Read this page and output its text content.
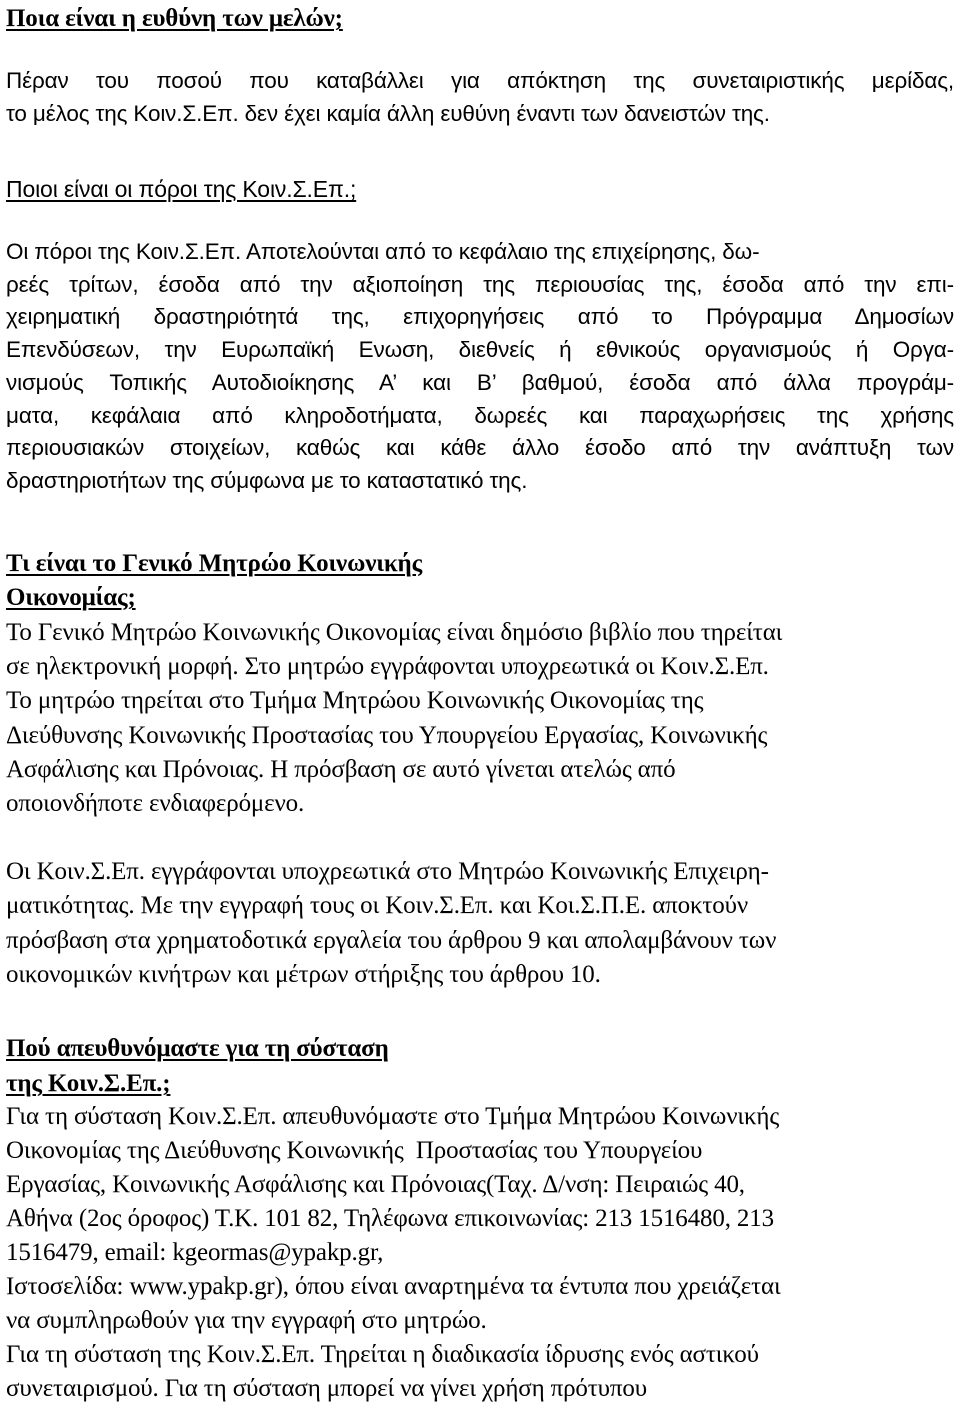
Ποια είναι η ευθύνη των μελών;
Πέραν του ποσού που καταβάλλει για απόκτηση της συνεταιριστικής μερίδας,
το μέλος της Κοιν.Σ.Επ. δεν έχει καμία άλλη ευθύνη έναντι των δανειστών της.
Ποιοι είναι οι πόροι της Κοιν.Σ.Επ.;
Οι πόροι της Κοιν.Σ.Επ. Αποτελούνται από το κεφάλαιο της επιχείρησης, δω-
ρεές τρίτων, έσοδα από την αξιοποίηση της περιουσίας της, έσοδα από την επι-
χειρηματική δραστηριότητά της, επιχορηγήσεις από το Πρόγραμμα Δημοσίων
Επενδύσεων, την Ευρωπαϊκή Ενωση, διεθνείς ή εθνικούς οργανισμούς ή Οργα-
νισμούς Τοπικής Αυτοδιοίκησης Α’ και Β’ βαθμού, έσοδα από άλλα προγράμ-
ματα, κεφάλαια από κληροδοτήματα, δωρεές και παραχωρήσεις της χρήσης
περιουσιακών στοιχείων, καθώς και κάθε άλλο έσοδο από την ανάπτυξη των
δραστηριοτήτων της σύμφωνα με το καταστατικό της.
Τι είναι το Γενικό Μητρώο Κοινωνικής
Οικονομίας;
Το Γενικό Μητρώο Κοινωνικής Οικονομίας είναι δημόσιο βιβλίο που τηρείται
σε ηλεκτρονική μορφή. Στο μητρώο εγγράφονται υποχρεωτικά οι Κοιν.Σ.Επ.
Το μητρώο τηρείται στο Τμήμα Μητρώου Κοινωνικής Οικονομίας της
Διεύθυνσης Κοινωνικής Προστασίας του Υπουργείου Εργασίας, Κοινωνικής
Ασφάλισης και Πρόνοιας. Η πρόσβαση σε αυτό γίνεται ατελώς από
οποιονδήποτε ενδιαφερόμενο.
Οι Κοιν.Σ.Επ. εγγράφονται υποχρεωτικά στο Μητρώο Κοινωνικής Επιχειρη-
ματικότητας. Με την εγγραφή τους οι Κοιν.Σ.Επ. και Κοι.Σ.Π.Ε. αποκτούν
πρόσβαση στα χρηματοδοτικά εργαλεία του άρθρου 9 και απολαμβάνουν των
οικονομικών κινήτρων και μέτρων στήριξης του άρθρου 10.
Πού απευθυνόμαστε για τη σύσταση
της Κοιν.Σ.Επ.;
Για τη σύσταση Κοιν.Σ.Επ. απευθυνόμαστε στο Τμήμα Μητρώου Κοινωνικής
Οικονομίας της Διεύθυνσης Κοινωνικής  Προστασίας του Υπουργείου
Εργασίας, Κοινωνικής Ασφάλισης και Πρόνοιας(Ταχ. Δ/νση: Πειραιώς 40,
Αθήνα (2ος όροφος) Τ.Κ. 101 82, Τηλέφωνα επικοινωνίας: 213 1516480, 213
1516479, email: kgeormas@ypakp.gr,
Ιστοσελίδα: www.ypakp.gr), όπου είναι αναρτημένα τα έντυπα που χρειάζεται
να συμπληρωθούν για την εγγραφή στο μητρώο.
Για τη σύσταση της Κοιν.Σ.Επ. Τηρείται η διαδικασία ίδρυσης ενός αστικού
συνεταιρισμού. Για τη σύσταση μπορεί να γίνει χρήση πρότυπου
